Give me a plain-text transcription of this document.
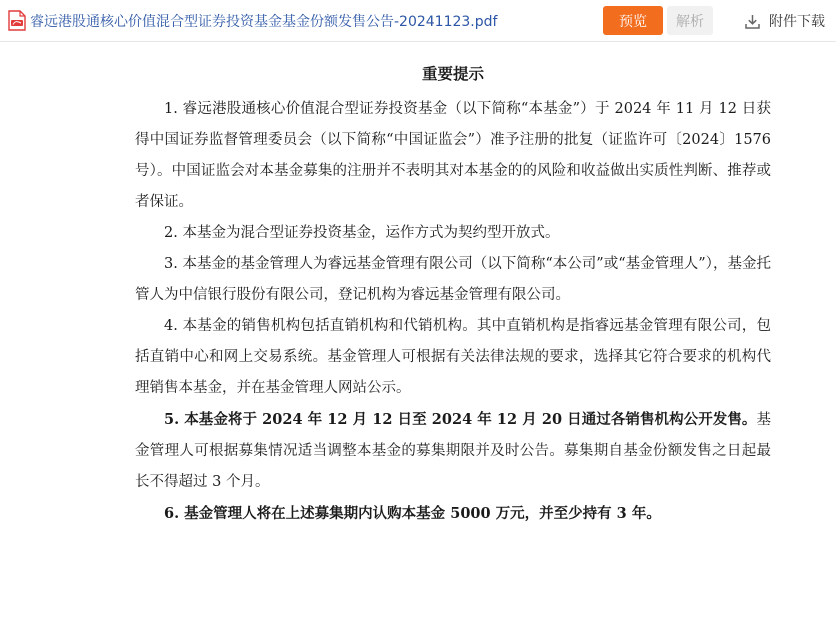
睿远港股通核心价值混合型证券投资基金基金份额发售公告-20241123.pdf	预览	解析	附件下载
重要提示

1. 睿远港股通核心价值混合型证券投资基金（以下简称“本基金”）于 2024 年 11 月 12 日获得中国证券监督管理委员会（以下简称“中国证监会”）准予注册的批复（证监许可〔2024〕1576 号）。中国证监会对本基金募集的注册并不表明其对本基金的的风险和收益做出实质性判断、推荐或者保证。

2. 本基金为混合型证券投资基金，运作方式为契约型开放式。

3. 本基金的基金管理人为睿远基金管理有限公司（以下简称“本公司”或“基金管理人”），基金托管人为中信银行股份有限公司，登记机构为睿远基金管理有限公司。

4. 本基金的销售机构包括直销机构和代销机构。其中直销机构是指睿远基金管理有限公司，包括直销中心和网上交易系统。基金管理人可根据有关法律法规的要求，选择其它符合要求的机构代理销售本基金，并在基金管理人网站公示。

5. 本基金将于 2024 年 12 月 12 日至 2024 年 12 月 20 日通过各销售机构公开发售。基金管理人可根据募集情况适当调整本基金的募集期限并及时公告。募集期自基金份额发售之日起最长不得超过 3 个月。

6. 基金管理人将在上述募集期内认购本基金 5000 万元，并至少持有 3 年。
